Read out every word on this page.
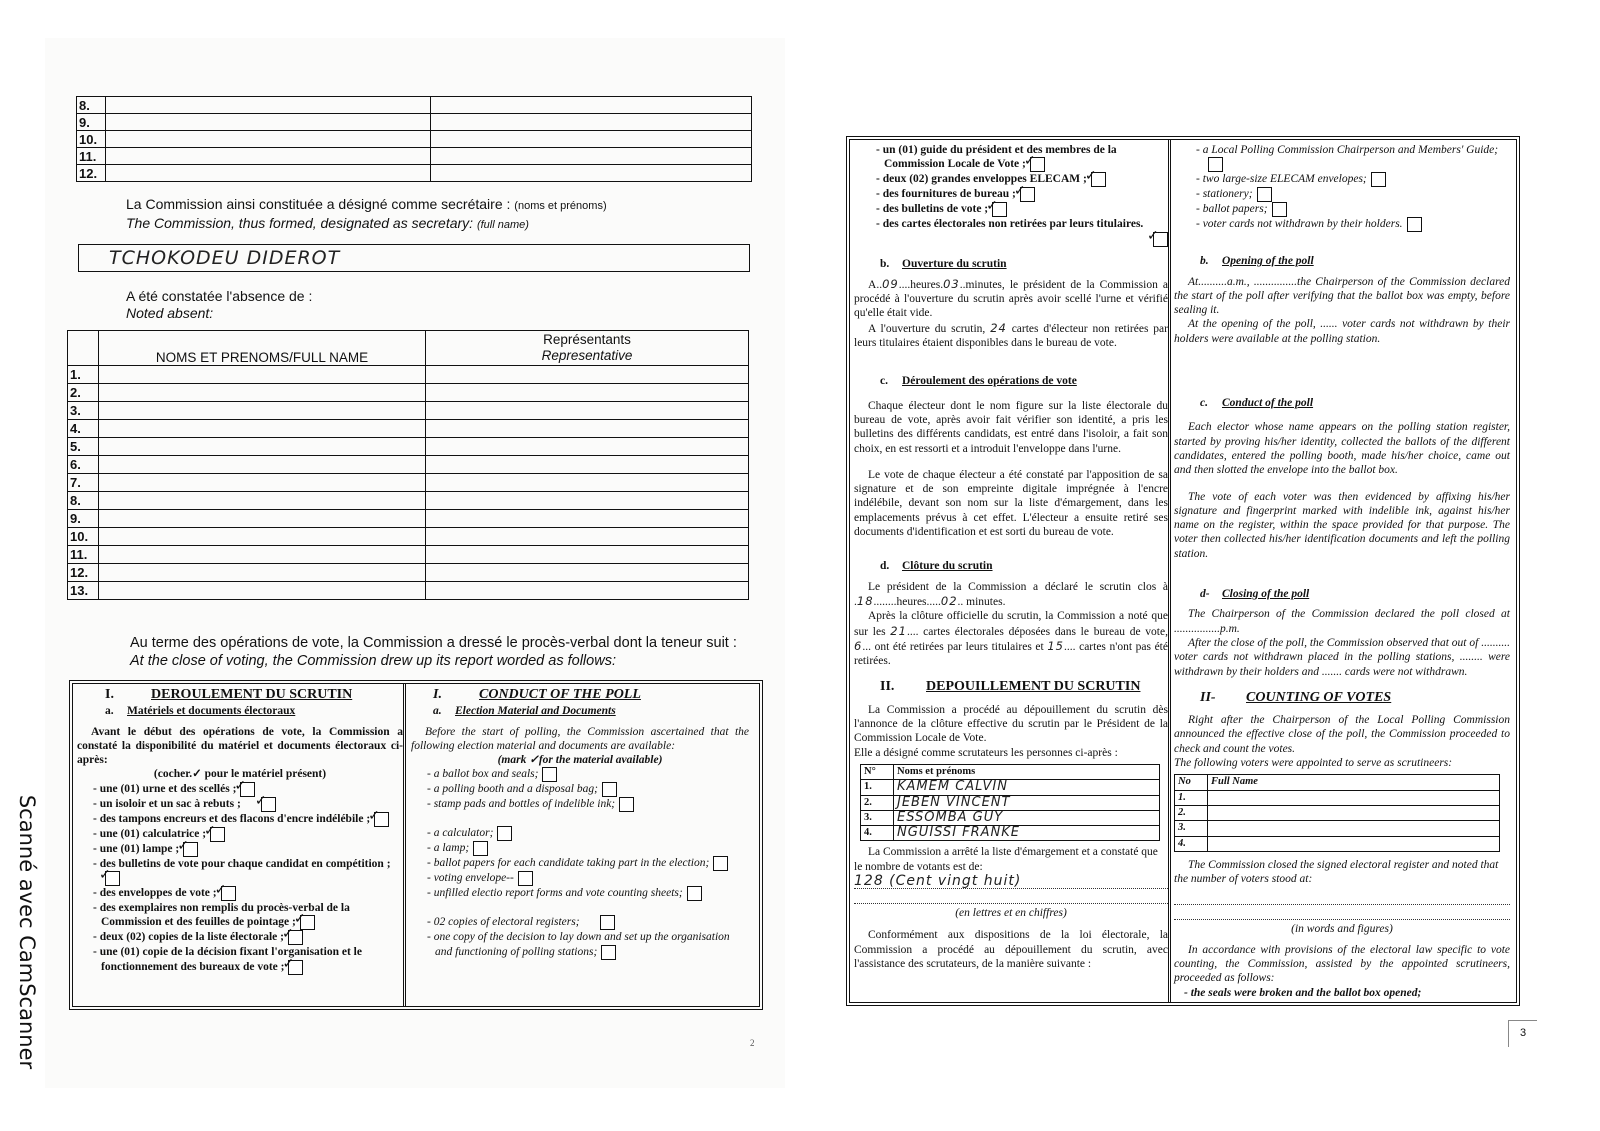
Scanné avec CamScanner
8.		
9.		
10.		
11.		
12.		
La Commission ainsi constituée a désigné comme secrétaire : (noms et prénoms)
The Commission, thus formed, designated as secretary: (full name)
TCHOKODEU DIDEROT
A été constatée l'absence de :
Noted absent:
	NOMS ET PRENOMS/FULL NAME	Représentants
Representative

1.		
2.		
3.		
4.		
5.		
6.		
7.		
8.		
9.		
10.		
11.		
12.		
13.		
Au terme des opérations de vote, la Commission a dressé le procès-verbal dont la teneur suit :
At the close of voting, the Commission drew up its report worded as follows:
I.	DEROULEMENT DU SCRUTIN
a. Matériels et documents électoraux

Avant le début des opérations de vote, la Commission a constaté la disponibilité du matériel et documents électoraux ci-après:

(cocher.✓ pour le matériel présent)

- une (01) urne et des scellés ;✓
- un isoloir et un sac à rebuts ;✓
- des tampons encreurs et des flacons d'encre indélébile ;✓
- une (01) calculatrice ;✓
- une (01) lampe ;✓
- des bulletins de vote pour chaque candidat en compétition ;✓
- des enveloppes de vote ;✓
- des exemplaires non remplis du procès-verbal de la Commission et des feuilles de pointage ;✓
- deux (02) copies de la liste électorale ;✓
- une (01) copie de la décision fixant l'organisation et le fonctionnement des bureaux de vote ;✓
I.	CONDUCT OF THE POLL
a. Election Material and Documents

Before the start of polling, the Commission ascertained that the following election material and documents are available:

(mark ✓for the material available)

- a ballot box and seals;
- a polling booth and a disposal bag;
- stamp pads and bottles of indelible ink;
- a calculator;
- a lamp;
- ballot papers for each candidate taking part in the election;
- voting envelope--
- unfilled electio report forms and vote counting sheets;
- 02 copies of electoral registers;
- one copy of the decision to lay down and set up the organisation and functioning of polling stations;
2
- un (01) guide du président et des membres de la Commission Locale de Vote ;✓
- deux (02) grandes enveloppes ELECAM ;✓
- des fournitures de bureau ;✓
- des bulletins de vote ;✓
- des cartes électorales non retirées par leurs titulaires.
✓
b. Ouverture du scrutin

A..09....heures.03..minutes, le président de la Commission a procédé à l'ouverture du scrutin après avoir scellé l'urne et vérifié qu'elle était vide.

A l'ouverture du scrutin, 24 cartes d'électeur non retirées par leurs titulaires étaient disponibles dans le bureau de vote.

c. Déroulement des opérations de vote

Chaque électeur dont le nom figure sur la liste électorale du bureau de vote, après avoir fait vérifier son identité, a pris les bulletins des différents candidats, est entré dans l'isoloir, a fait son choix, en est ressorti et a introduit l'enveloppe dans l'urne.

Le vote de chaque électeur a été constaté par l'apposition de sa signature et de son empreinte digitale imprégnée à l'encre indélébile, devant son nom sur la liste d'émargement, dans les emplacements prévus à cet effet. L'électeur a ensuite retiré ses documents d'identification et est sorti du bureau de vote.

d. Clôture du scrutin

Le président de la Commission a déclaré le scrutin clos à .18........heures.....02.. minutes.

Après la clôture officielle du scrutin, la Commission a noté que sur les 21.... cartes électorales déposées dans le bureau de vote, 6... ont été retirées par leurs titulaires et 15.... cartes n'ont pas été retirées.

II. DEPOUILLEMENT DU SCRUTIN

La Commission a procédé au dépouillement du scrutin dès l'annonce de la clôture effective du scrutin par le Président de la Commission Locale de Vote.

Elle a désigné comme scrutateurs les personnes ci-après :

N°	Noms et prénoms
1.	KAMEM CALVIN
2.	JEBEN VINCENT
3.	ESSOMBA GUY
4.	NGUISSI FRANKE

La Commission a arrêté la liste d'émargement et a constaté que le nombre de votants est de:

128 (Cent vingt huit)

(en lettres et en chiffres)

Conformément aux dispositions de la loi électorale, la Commission a procédé au dépouillement du scrutin, avec l'assistance des scrutateurs, de la manière suivante :

- a Local Polling Commission Chairperson and Members' Guide;
- two large-size ELECAM envelopes;
- stationery;
- ballot papers;
- voter cards not withdrawn by their holders.
b. Opening of the poll

At..........a.m., ...............the Chairperson of the Commission declared the start of the poll after verifying that the ballot box was empty, before sealing it.

At the opening of the poll, ...... voter cards not withdrawn by their holders were available at the polling station.

c. Conduct of the poll

Each elector whose name appears on the polling station register, started by proving his/her identity, collected the ballots of the different candidates, entered the polling booth, made his/her choice, came out and then slotted the envelope into the ballot box.

The vote of each voter was then evidenced by affixing his/her signature and fingerprint marked with indelible ink, against his/her name on the register, within the space provided for that purpose. The voter then collected his/her identification documents and left the polling station.

d- Closing of the poll

The Chairperson of the Commission declared the poll closed at ................p.m.

After the close of the poll, the Commission observed that out of .......... voter cards not withdrawn placed in the polling stations, ........ were withdrawn by their holders and ....... cards were not withdrawn.

II- COUNTING OF VOTES

Right after the Chairperson of the Local Polling Commission announced the effective close of the poll, the Commission proceeded to check and count the votes.

The following voters were appointed to serve as scrutineers:

No	Full Name
1.	
2.	
3.	
4.	

The Commission closed the signed electoral register and noted that the number of voters stood at:

(in words and figures)

In accordance with provisions of the electoral law specific to vote counting, the Commission, assisted by the appointed scrutineers, proceeded as follows:

- the seals were broken and the ballot box opened;

3
